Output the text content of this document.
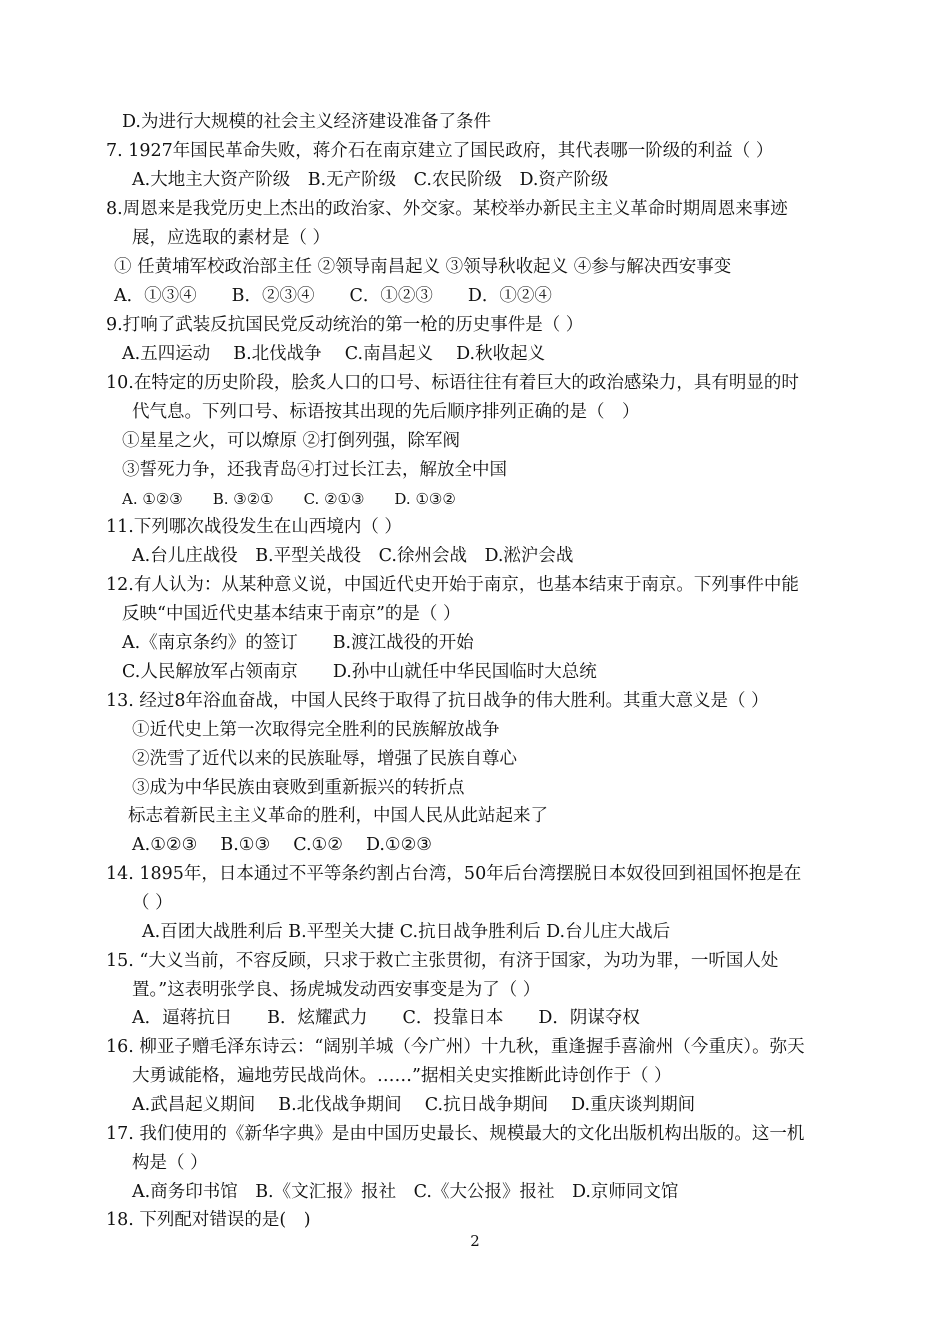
D.为进行大规模的社会主义经济建设准备了条件
7. 1927年国民革命失败，蒋介石在南京建立了国民政府，其代表哪一阶级的利益（ ）
A.大地主大资产阶级　B.无产阶级　C.农民阶级　D.资产阶级
8.周恩来是我党历史上杰出的政治家、外交家。某校举办新民主主义革命时期周恩来事迹
展，应选取的素材是（ ）
① 任黄埔军校政治部主任 ②领导南昌起义 ③领导秋收起义 ④参与解决西安事变
A．①③④　　B．②③④　　C．①②③　　D．①②④
9.打响了武装反抗国民党反动统治的第一枪的历史事件是（ ）
A.五四运动　 B.北伐战争　 C.南昌起义　 D.秋收起义
10.在特定的历史阶段，脍炙人口的口号、标语往往有着巨大的政治感染力，具有明显的时
代气息。下列口号、标语按其出现的先后顺序排列正确的是（　）
①星星之火，可以燎原 ②打倒列强，除军阀
③誓死力争，还我青岛④打过长江去，解放全中国
A. ①②③　　B. ③②①　　C. ②①③　　D. ①③②
11.下列哪次战役发生在山西境内（ ）
A.台儿庄战役　B.平型关战役　C.徐州会战　D.淞沪会战
12.有人认为：从某种意义说，中国近代史开始于南京，也基本结束于南京。下列事件中能
反映“中国近代史基本结束于南京”的是（ ）
A.《南京条约》的签订　　B.渡江战役的开始
C.人民解放军占领南京　　D.孙中山就任中华民国临时大总统
13. 经过8年浴血奋战，中国人民终于取得了抗日战争的伟大胜利。其重大意义是（ ）
①近代史上第一次取得完全胜利的民族解放战争
②洗雪了近代以来的民族耻辱，增强了民族自尊心
③成为中华民族由衰败到重新振兴的转折点
标志着新民主主义革命的胜利，中国人民从此站起来了
A.①②③　 B.①③　 C.①②　 D.①②③
14. 1895年，日本通过不平等条约割占台湾，50年后台湾摆脱日本奴役回到祖国怀抱是在
（ ）
A.百团大战胜利后 B.平型关大捷 C.抗日战争胜利后 D.台儿庄大战后
15. “大义当前，不容反顾，只求于救亡主张贯彻，有济于国家，为功为罪，一听国人处
置。”这表明张学良、扬虎城发动西安事变是为了（ ）
A．逼蒋抗日　　B．炫耀武力　　C．投靠日本　　D．阴谋夺权
16. 柳亚子赠毛泽东诗云：“阔别羊城（今广州）十九秋，重逢握手喜渝州（今重庆）。弥天
大勇诚能格，遍地劳民战尚休。……”据相关史实推断此诗创作于（ ）
A.武昌起义期间　 B.北伐战争期间　 C.抗日战争期间　 D.重庆谈判期间
17. 我们使用的《新华字典》是由中国历史最长、规模最大的文化出版机构出版的。这一机
构是（ ）
A.商务印书馆　B.《文汇报》报社　C.《大公报》报社　D.京师同文馆
18. 下列配对错误的是(　)
2
